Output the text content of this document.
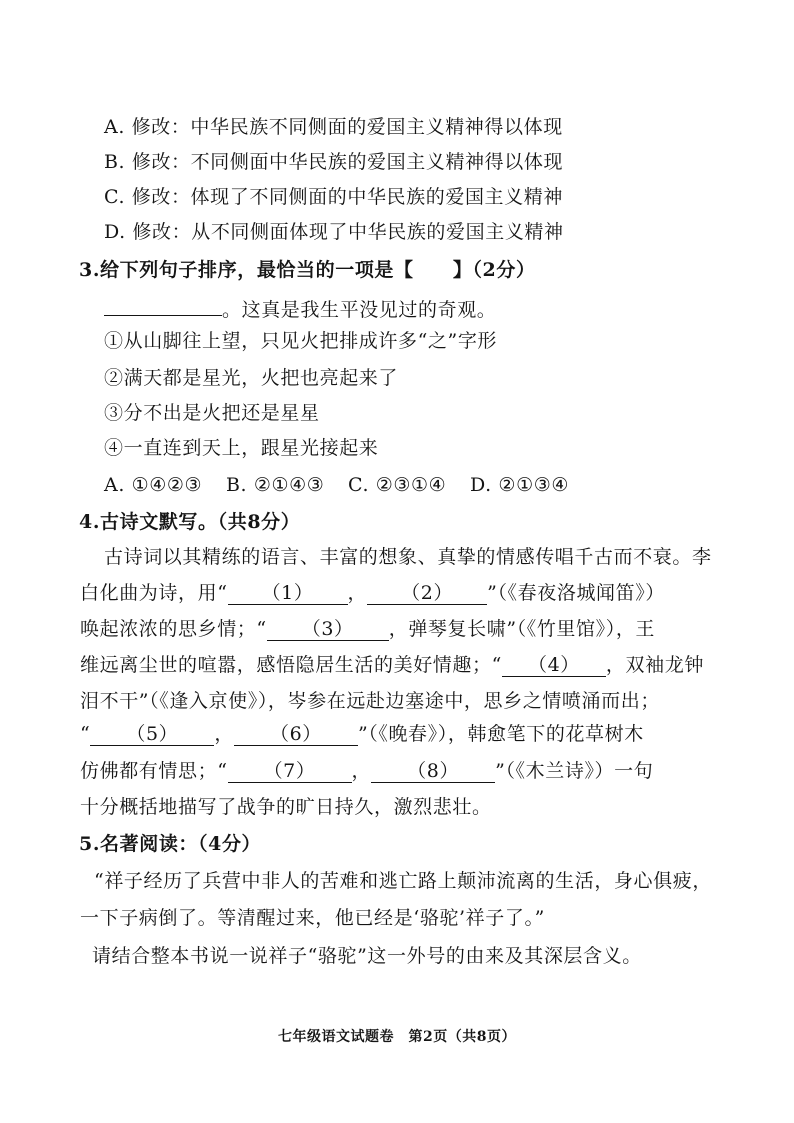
A. 修改：中华民族不同侧面的爱国主义精神得以体现
B. 修改：不同侧面中华民族的爱国主义精神得以体现
C. 修改：体现了不同侧面的中华民族的爱国主义精神
D. 修改：从不同侧面体现了中华民族的爱国主义精神
3.给下列句子排序，最恰当的一项是【　　】（2分）
。这真是我生平没见过的奇观。
①从山脚往上望，只见火把排成许多“之”字形
②满天都是星光，火把也亮起来了
③分不出是火把还是星星
④一直连到天上，跟星光接起来
A. ①④②③ B. ②①④③ C. ②③①④ D. ②①③④
4.古诗文默写。（共8分）
古诗词以其精练的语言、丰富的想象、真挚的情感传唱千古而不衰。李
白化曲为诗，用“ （1） ， （2） ”（《春夜洛城闻笛》）
唤起浓浓的思乡情；“ （3） ，弹琴复长啸”（《竹里馆》），王
维远离尘世的喧嚣，感悟隐居生活的美好情趣；“ （4） ，双袖龙钟
泪不干”（《逢入京使》），岑参在远赴边塞途中，思乡之情喷涌而出；
“ （5） ， （6） ”（《晚春》），韩愈笔下的花草树木
仿佛都有情思；“ （7） ， （8） ”（《木兰诗》）一句
十分概括地描写了战争的旷日持久，激烈悲壮。
5.名著阅读：（4分）
“祥子经历了兵营中非人的苦难和逃亡路上颠沛流离的生活，身心俱疲，
一下子病倒了。等清醒过来，他已经是‘骆驼’祥子了。”
请结合整本书说一说祥子“骆驼”这一外号的由来及其深层含义。
七年级语文试题卷　第2页（共8页）
